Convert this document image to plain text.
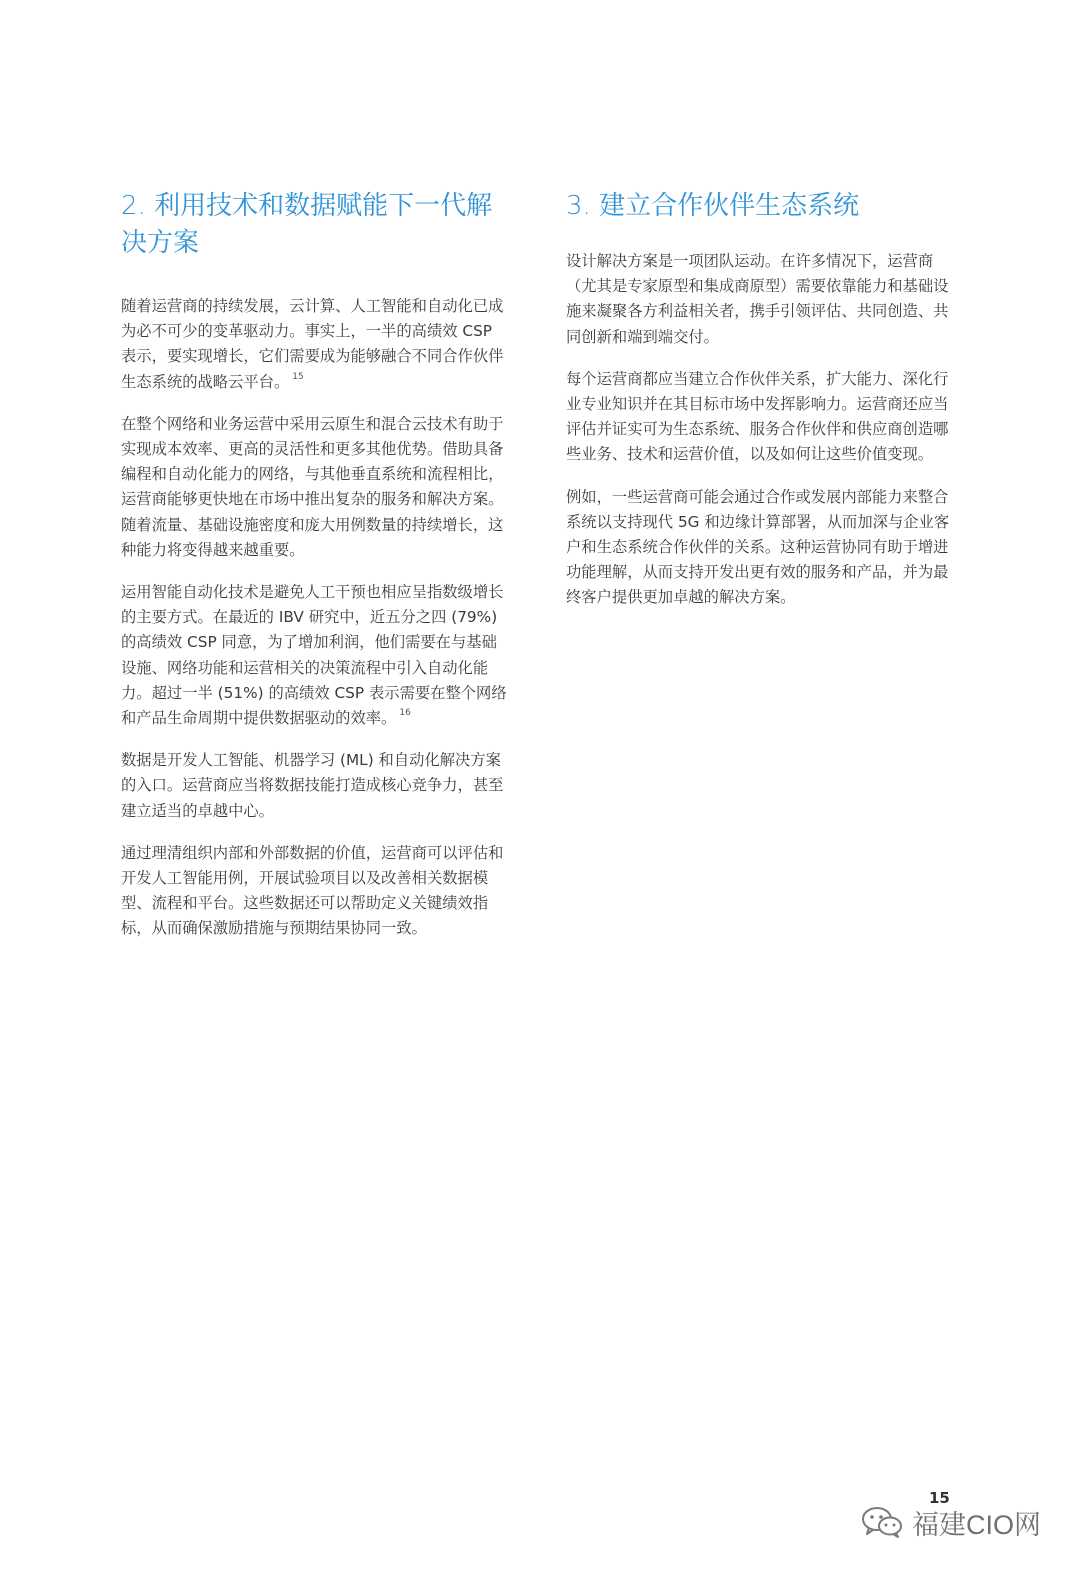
2. 利用技术和数据赋能下一代解决方案

随着运营商的持续发展，云计算、人工智能和自动化已成为必不可少的变革驱动力。事实上，一半的高绩效 CSP 表示，要实现增长，它们需要成为能够融合不同合作伙伴生态系统的战略云平台。 $^{15}$

在整个网络和业务运营中采用云原生和混合云技术有助于实现成本效率、更高的灵活性和更多其他优势。借助具备编程和自动化能力的网络，与其他垂直系统和流程相比，运营商能够更快地在市场中推出复杂的服务和解决方案。随着流量、基础设施密度和庞大用例数量的持续增长，这种能力将变得越来越重要。

运用智能自动化技术是避免人工干预也相应呈指数级增长的主要方式。在最近的 IBV 研究中，近五分之四 (79%) 的高绩效 CSP 同意，为了增加利润，他们需要在与基础设施、网络功能和运营相关的决策流程中引入自动化能力。超过一半 (51%) 的高绩效 CSP 表示需要在整个网络和产品生命周期中提供数据驱动的效率。 $^{16}$

数据是开发人工智能、机器学习 (ML) 和自动化解决方案的入口。运营商应当将数据技能打造成核心竞争力，甚至建立适当的卓越中心。

通过理清组织内部和外部数据的价值，运营商可以评估和开发人工智能用例，开展试验项目以及改善相关数据模型、流程和平台。这些数据还可以帮助定义关键绩效指标，从而确保激励措施与预期结果协同一致。

3. 建立合作伙伴生态系统

设计解决方案是一项团队运动。在许多情况下，运营商（尤其是专家原型和集成商原型）需要依靠能力和基础设施来凝聚各方利益相关者，携手引领评估、共同创造、共同创新和端到端交付。

每个运营商都应当建立合作伙伴关系，扩大能力、深化行业专业知识并在其目标市场中发挥影响力。运营商还应当评估并证实可为生态系统、服务合作伙伴和供应商创造哪些业务、技术和运营价值，以及如何让这些价值变现。

例如，一些运营商可能会通过合作或发展内部能力来整合系统以支持现代 5G 和边缘计算部署，从而加深与企业客户和生态系统合作伙伴的关系。这种运营协同有助于增进功能理解，从而支持开发出更有效的服务和产品，并为最终客户提供更加卓越的解决方案。

15
福建CIO网
